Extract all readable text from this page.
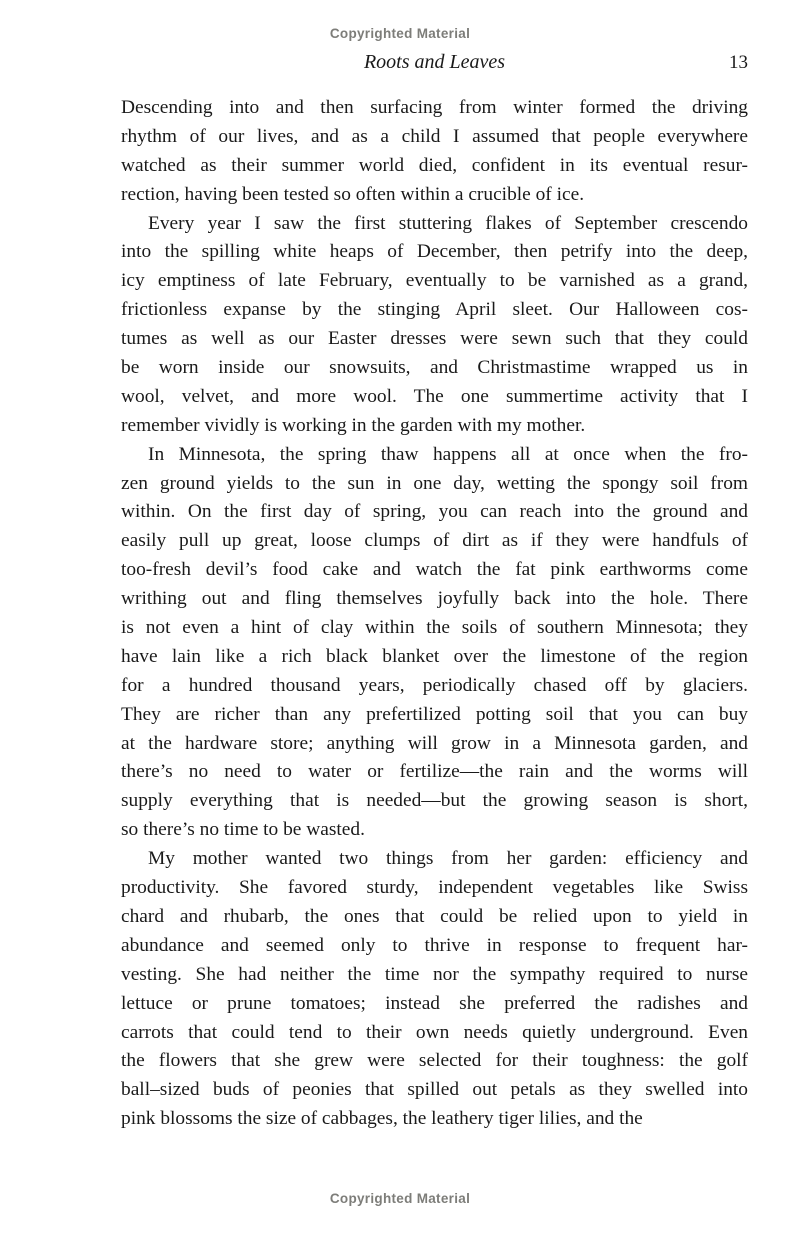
Copyrighted Material
Roots and Leaves	13
Descending into and then surfacing from winter formed the driving
rhythm of our lives, and as a child I assumed that people everywhere
watched as their summer world died, confident in its eventual resur-
rection, having been tested so often within a crucible of ice.
Every year I saw the first stuttering flakes of September crescendo
into the spilling white heaps of December, then petrify into the deep,
icy emptiness of late February, eventually to be varnished as a grand,
frictionless expanse by the stinging April sleet. Our Halloween cos-
tumes as well as our Easter dresses were sewn such that they could
be worn inside our snowsuits, and Christmastime wrapped us in
wool, velvet, and more wool. The one summertime activity that I
remember vividly is working in the garden with my mother.
In Minnesota, the spring thaw happens all at once when the fro-
zen ground yields to the sun in one day, wetting the spongy soil from
within. On the first day of spring, you can reach into the ground and
easily pull up great, loose clumps of dirt as if they were handfuls of
too-fresh devil’s food cake and watch the fat pink earthworms come
writhing out and fling themselves joyfully back into the hole. There
is not even a hint of clay within the soils of southern Minnesota; they
have lain like a rich black blanket over the limestone of the region
for a hundred thousand years, periodically chased off by glaciers.
They are richer than any prefertilized potting soil that you can buy
at the hardware store; anything will grow in a Minnesota garden, and
there’s no need to water or fertilize—the rain and the worms will
supply everything that is needed—but the growing season is short,
so there’s no time to be wasted.
My mother wanted two things from her garden: efficiency and
productivity. She favored sturdy, independent vegetables like Swiss
chard and rhubarb, the ones that could be relied upon to yield in
abundance and seemed only to thrive in response to frequent har-
vesting. She had neither the time nor the sympathy required to nurse
lettuce or prune tomatoes; instead she preferred the radishes and
carrots that could tend to their own needs quietly underground. Even
the flowers that she grew were selected for their toughness: the golf
ball–sized buds of peonies that spilled out petals as they swelled into
pink blossoms the size of cabbages, the leathery tiger lilies, and the
Copyrighted Material
